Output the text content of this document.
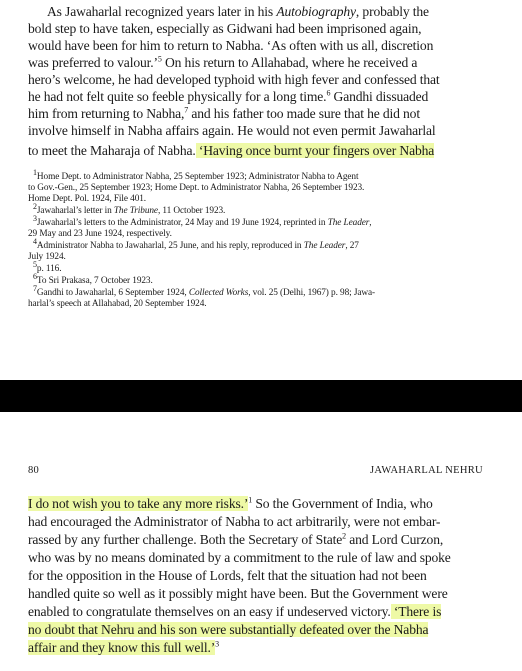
As Jawaharlal recognized years later in his Autobiography, probably the
bold step to have taken, especially as Gidwani had been imprisoned again,
would have been for him to return to Nabha. ‘As often with us all, discretion
was preferred to valour.’$^5$ On his return to Allahabad, where he received a
hero’s welcome, he had developed typhoid with high fever and confessed that
he had not felt quite so feeble physically for a long time.$^6$ Gandhi dissuaded
him from returning to Nabha,$^7$ and his father too made sure that he did not
involve himself in Nabha affairs again. He would not even permit Jawaharlal
to meet the Maharaja of Nabha. ‘Having once burnt your fingers over Nabha
$^1$Home Dept. to Administrator Nabha, 25 September 1923; Administrator Nabha to Agent
to Gov.-Gen., 25 September 1923; Home Dept. to Administrator Nabha, 26 September 1923.
Home Dept. Pol. 1924, File 401.
$^2$Jawaharlal’s letter in The Tribune, 11 October 1923.
$^3$Jawaharlal’s letters to the Administrator, 24 May and 19 June 1924, reprinted in The Leader,
29 May and 23 June 1924, respectively.
$^4$Administrator Nabha to Jawaharlal, 25 June, and his reply, reproduced in The Leader, 27
July 1924.
$^5$p. 116.
$^6$To Sri Prakasa, 7 October 1923.
$^7$Gandhi to Jawaharlal, 6 September 1924, Collected Works, vol. 25 (Delhi, 1967) p. 98; Jawa-
harlal’s speech at Allahabad, 20 September 1924.
80	JAWAHARLAL NEHRU
I do not wish you to take any more risks.’$^1$ So the Government of India, who
had encouraged the Administrator of Nabha to act arbitrarily, were not embar-
rassed by any further challenge. Both the Secretary of State$^2$ and Lord Curzon,
who was by no means dominated by a commitment to the rule of law and spoke
for the opposition in the House of Lords, felt that the situation had not been
handled quite so well as it possibly might have been. But the Government were
enabled to congratulate themselves on an easy if undeserved victory. ‘There is
no doubt that Nehru and his son were substantially defeated over the Nabha
affair and they know this full well.’$^3$
